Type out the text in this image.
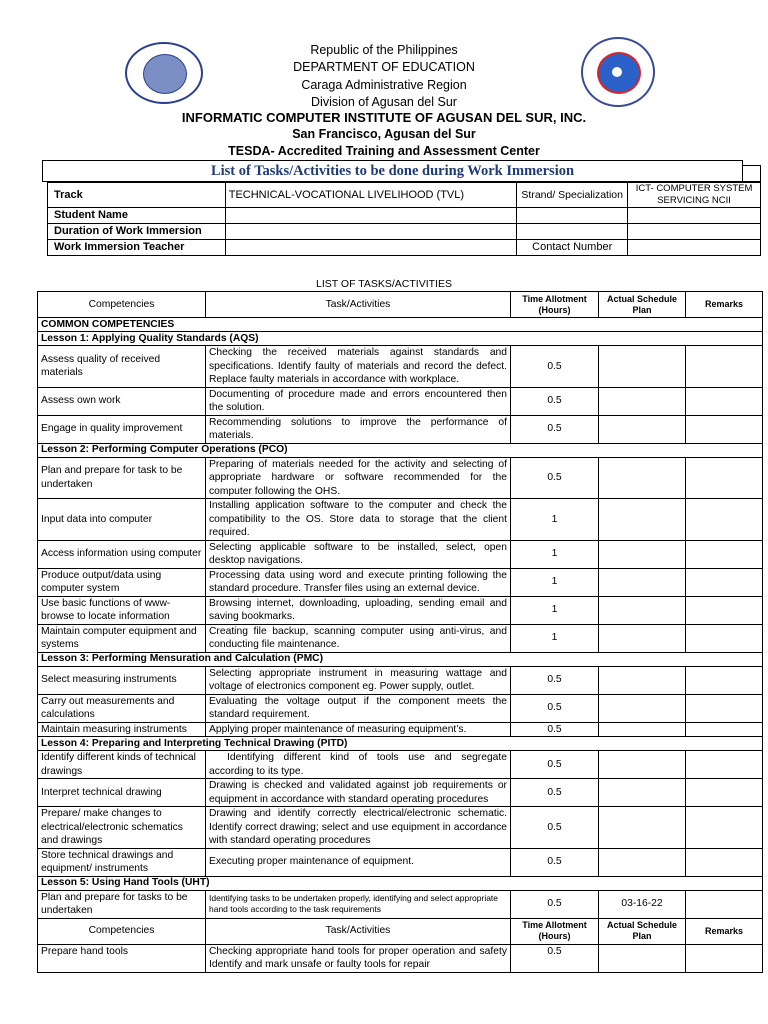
Republic of the Philippines
DEPARTMENT OF EDUCATION
Caraga Administrative Region
Division of Agusan del Sur
INFORMATIC COMPUTER INSTITUTE OF AGUSAN DEL SUR, INC.
San Francisco, Agusan del Sur
TESDA- Accredited Training and Assessment Center
List of Tasks/Activities to be done during Work Immersion
Track	TECHNICAL-VOCATIONAL LIVELIHOOD (TVL)	Strand/ Specialization	ICT- COMPUTER SYSTEM SERVICING NCII
Student Name			
Duration of Work Immersion			
Work Immersion Teacher		Contact Number	
LIST OF TASKS/ACTIVITIES
Competencies	Task/Activities	Time Allotment (Hours)	Actual Schedule Plan	Remarks
COMMON COMPETENCIES				
Lesson 1: Applying Quality Standards (AQS)				
Assess quality of received materials	Checking the received materials against standards and specifications. Identify faulty of materials and record the defect. Replace faulty materials in accordance with workplace.	0.5		
Assess own work	Documenting of procedure made and errors encountered then the solution.	0.5		
Engage in quality improvement	Recommending solutions to improve the performance of materials.	0.5		
Lesson 2: Performing Computer Operations (PCO)				
Plan and prepare for task to be undertaken	Preparing of materials needed for the activity and selecting of appropriate hardware or software recommended for the computer following the OHS.	0.5		
Input data into computer	Installing application software to the computer and check the compatibility to the OS. Store data to storage that the client required.	1		
Access information using computer	Selecting applicable software to be installed, select, open desktop navigations.	1		
Produce output/data using computer system	Processing data using word and execute printing following the standard procedure. Transfer files using an external device.	1		
Use basic functions of www-browse to locate information	Browsing internet, downloading, uploading, sending email and saving bookmarks.	1		
Maintain computer equipment and systems	Creating file backup, scanning computer using anti-virus, and conducting file maintenance.	1		
Lesson 3: Performing Mensuration and Calculation (PMC)				
Select measuring instruments	Selecting appropriate instrument in measuring wattage and voltage of electronics component eg. Power supply, outlet.	0.5		
Carry out measurements and calculations	Evaluating the voltage output if the component meets the standard requirement.	0.5		
Maintain measuring instruments	Applying proper maintenance of measuring equipment’s.	0.5		
Lesson 4: Preparing and Interpreting Technical Drawing (PITD)				
Identify different kinds of technical drawings	Identifying different kind of tools use and segregate according to its type.	0.5		
Interpret technical drawing	Drawing is checked and validated against job requirements or equipment in accordance with standard operating procedures	0.5		
Prepare/ make changes to electrical/electronic schematics and drawings	Drawing and identify correctly electrical/electronic schematic. Identify correct drawing; select and use equipment in accordance with standard operating procedures	0.5		
Store technical drawings and equipment/ instruments	Executing proper maintenance of equipment.	0.5		
Lesson 5: Using Hand Tools (UHT)				
Plan and prepare for tasks to be undertaken	Identifying tasks to be undertaken properly, identifying and select appropriate hand tools according to the task requirements	0.5	03-16-22	
Competencies	Task/Activities	Time Allotment (Hours)	Actual Schedule Plan	Remarks
Prepare hand tools	Checking appropriate hand tools for proper operation and safety Identify and mark unsafe or faulty tools for repair	0.5		
